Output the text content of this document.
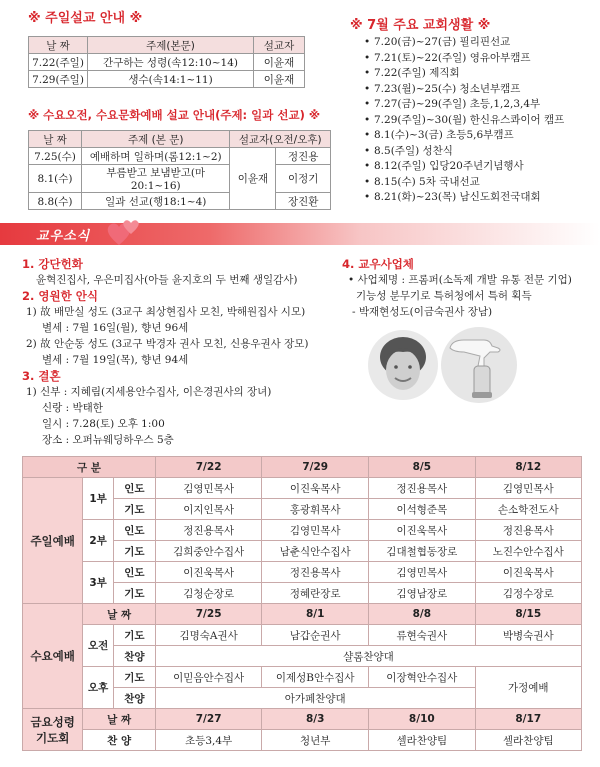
※ 주일설교 안내 ※
날 짜	주제(본문)	설교자
7.22(주일)	간구하는 성령(속12:10~14)	이윤재
7.29(주일)	생수(속14:1~11)	이윤재
※ 수요오전, 수요문화예배 설교 안내(주제: 일과 선교) ※
날 짜	주제 (본 문)	설교자(오전/오후)	
7.25(수)	예배하며 일하며(롬12:1~2)	이윤재	정진용
8.1(수)	부름받고 보냄받고(마20:1~16)		이정기
8.8(수)	일과 선교(행18:1~4)		장진환
※ 7월 주요 교회생활 ※
• 7.20(금)~27(금) 필리핀선교
• 7.21(토)~22(주일) 영유아부캠프
• 7.22(주일) 제직회
• 7.23(월)~25(수) 청소년부캠프
• 7.27(금)~29(주일) 초등,1,2,3,4부
• 7.29(주일)~30(월) 한신유스콰이어 캠프
• 8.1(수)~3(금) 초등5,6부캠프
• 8.5(주일) 성찬식
• 8.12(주일) 입당20주년기념행사
• 8.15(수) 5차 국내선교
• 8.21(화)~23(목) 남신도회전국대회
교우소식
1. 강단헌화
윤혁진집사, 우은미집사(아들 윤지호의 두 번째 생일감사)
2. 영원한 안식
1) 故 배만실 성도 (3교구 최상현집사 모친, 박해원집사 시모)
별세 : 7월 16일(월), 향년 96세
2) 故 안순동 성도 (3교구 박경자 권사 모친, 신용우권사 장모)
별세 : 7월 19일(목), 향년 94세
3. 결혼
1) 신부 : 지혜림(지세용안수집사, 이은경권사의 장녀)
신랑 : 박태한
일시 : 7.28(토) 오후 1:00
장소 : 오퍼뉴웨딩하우스 5층
4. 교우사업체
• 사업체명 : 프롬퍼(소독제 개발 유통 전문 기업)
기능성 분무기로 특허청에서 특허 획득
- 박재현성도(이금숙권사 장남)
구 분			7/22	7/29	8/5	8/12
주일예배	1부	인도	김영민목사	이진욱목사	정진용목사	김영민목사
		기도	이지인목사	홍광휘목사	이석형준목	손소학전도사
	2부	인도	정진용목사	김영민목사	이진욱목사	정진용목사
		기도	김희중안수집사	남춘식안수집사	김대철협동장로	노진수안수집사
	3부	인도	이진욱목사	정진용목사	김영민목사	이진욱목사
		기도	김청순장로	정혜란장로	김영남장로	김정수장로
수요예배	날 짜		7/25	8/1	8/8	8/15
	오전	기도	김명숙A권사	남갑순권사	류현숙권사	박병숙권사
		찬양	샬롬찬양대			
	오후	기도	이믿음안수집사	이제성B안수집사	이장혁안수집사	가정예배
		찬양	아가페찬양대			
금요성령
기도회	날 짜		7/27	8/3	8/10	8/17
	찬 양		초등3,4부	청년부	셀라찬양팀	셀라찬양팀
